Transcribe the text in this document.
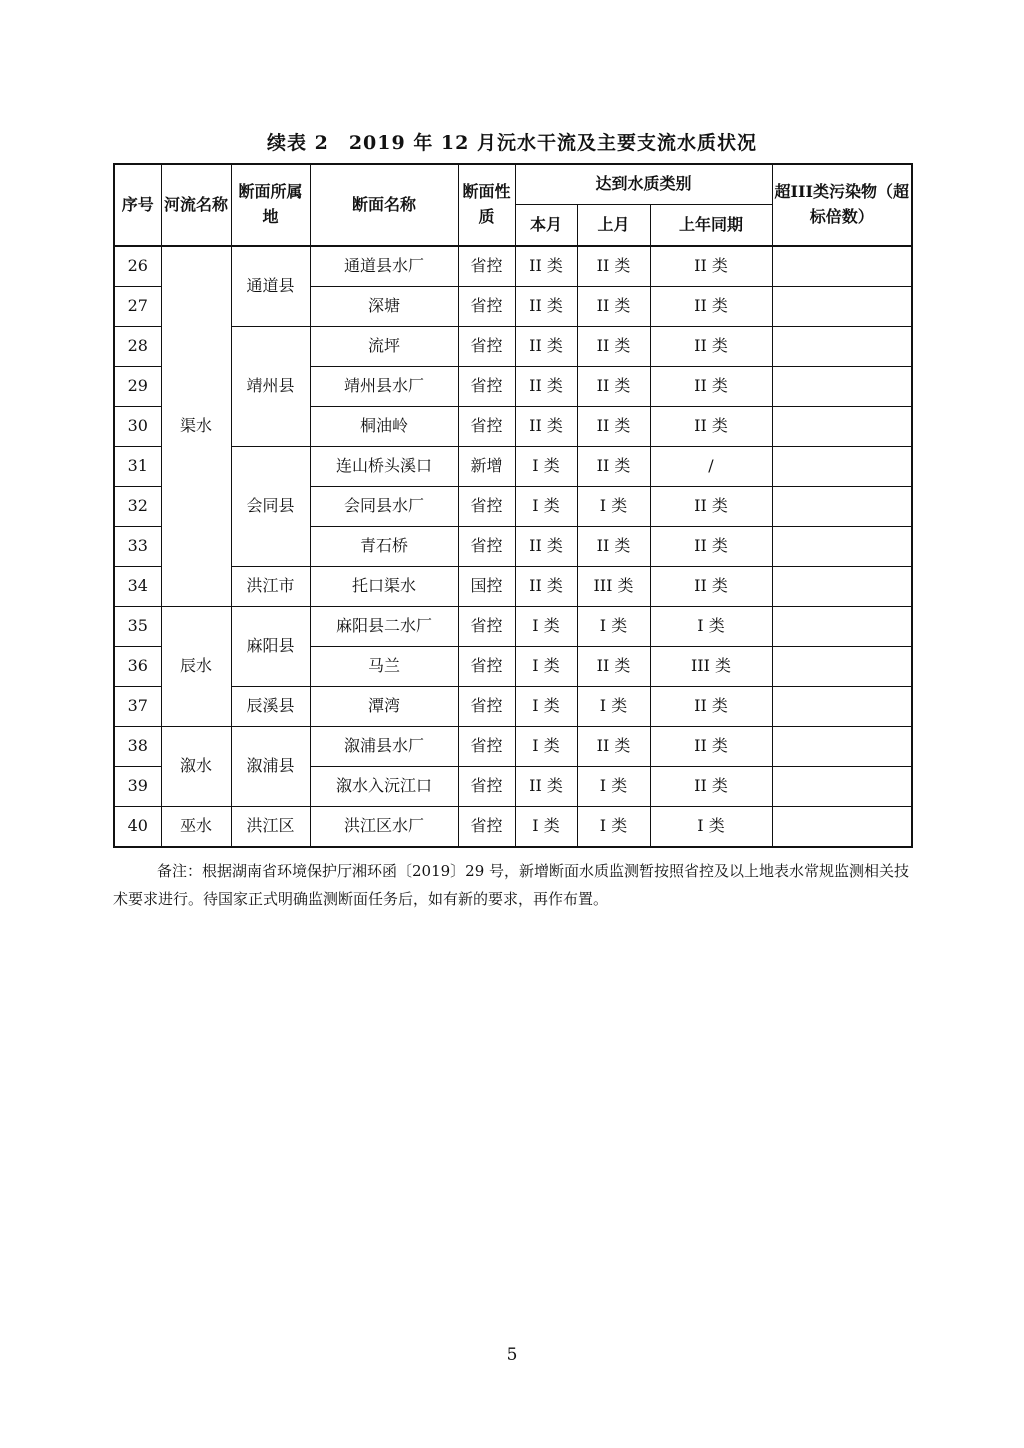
续表 2　2019 年 12 月沅水干流及主要支流水质状况
序号	河流名称	断面所属地	断面名称	断面性质	达到水质类别			超III类污染物（超标倍数）
					本月	上月	上年同期	
26	渠水	通道县	通道县水厂	省控	II 类	II 类	II 类	
27			深塘	省控	II 类	II 类	II 类	
28		靖州县	流坪	省控	II 类	II 类	II 类	
29			靖州县水厂	省控	II 类	II 类	II 类	
30			桐油岭	省控	II 类	II 类	II 类	
31		会同县	连山桥头溪口	新增	I 类	II 类	/	
32			会同县水厂	省控	I 类	I 类	II 类	
33			青石桥	省控	II 类	II 类	II 类	
34		洪江市	托口渠水	国控	II 类	III 类	II 类	
35	辰水	麻阳县	麻阳县二水厂	省控	I 类	I 类	I 类	
36			马兰	省控	I 类	II 类	III 类	
37		辰溪县	潭湾	省控	I 类	I 类	II 类	
38	溆水	溆浦县	溆浦县水厂	省控	I 类	II 类	II 类	
39			溆水入沅江口	省控	II 类	I 类	II 类	
40	巫水	洪江区	洪江区水厂	省控	I 类	I 类	I 类	
备注：根据湖南省环境保护厅湘环函〔2019〕29 号，新增断面水质监测暂按照省控及以上地表水常规监测相关技术要求进行。待国家正式明确监测断面任务后，如有新的要求，再作布置。
5
